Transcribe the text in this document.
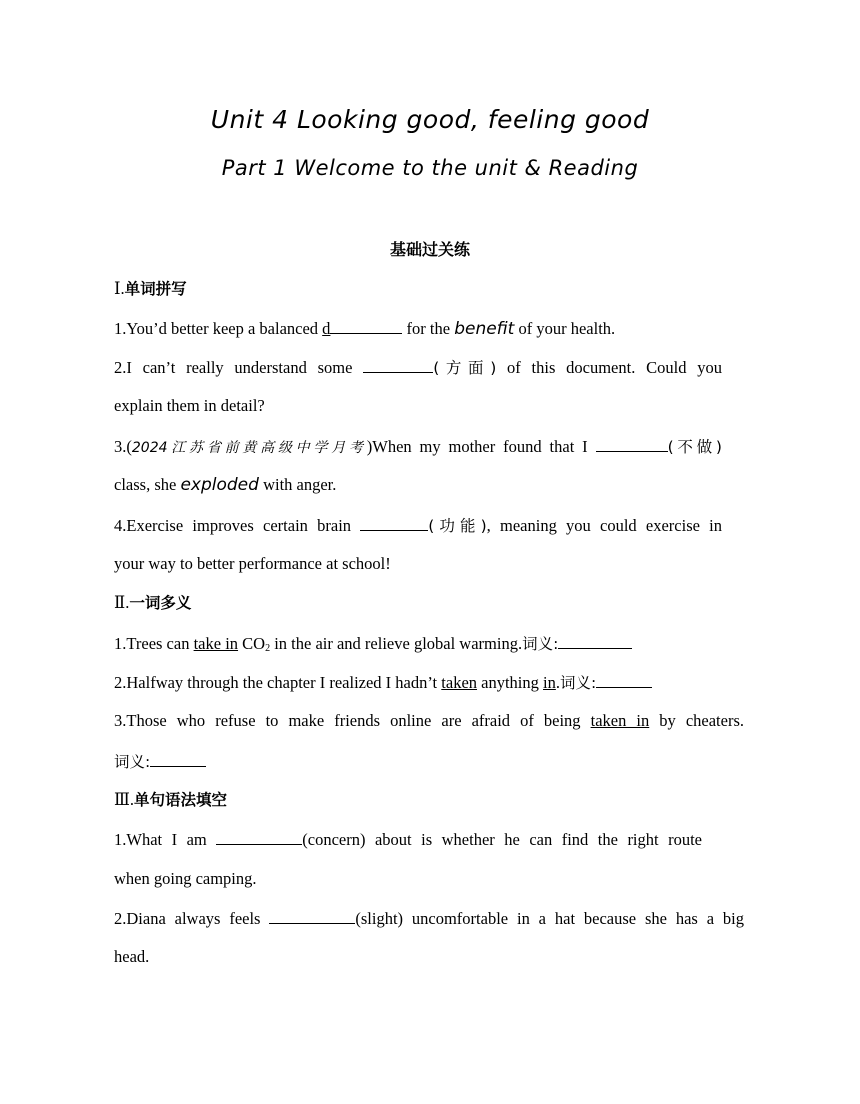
Unit 4 Looking good, feeling good
Part 1 Welcome to the unit & Reading
基础过关练
Ⅰ.单词拼写
1.You’d better keep a balanced d	for the benefit of your health.
2.I can’t really understand some	(方面) of this document. Could you
explain them in detail?
3.(2024江苏省前黄高级中学月考)When my mother found that I	(不做)
class, she exploded with anger.
4.Exercise improves certain brain	(功能), meaning you could exercise in
your way to better performance at school!
Ⅱ.一词多义
1.Trees can take in $CO_2$ in the air and relieve global warming.词义:
2.Halfway through the chapter I realized I hadn’t taken anything in.词义:
3.Those who refuse to make friends online are afraid of being taken in by cheaters.
词义:
Ⅲ.单句语法填空
1.What I am	(concern) about is whether he can find the right route
when going camping.
2.Diana always feels	(slight) uncomfortable in a hat because she has a big
head.
